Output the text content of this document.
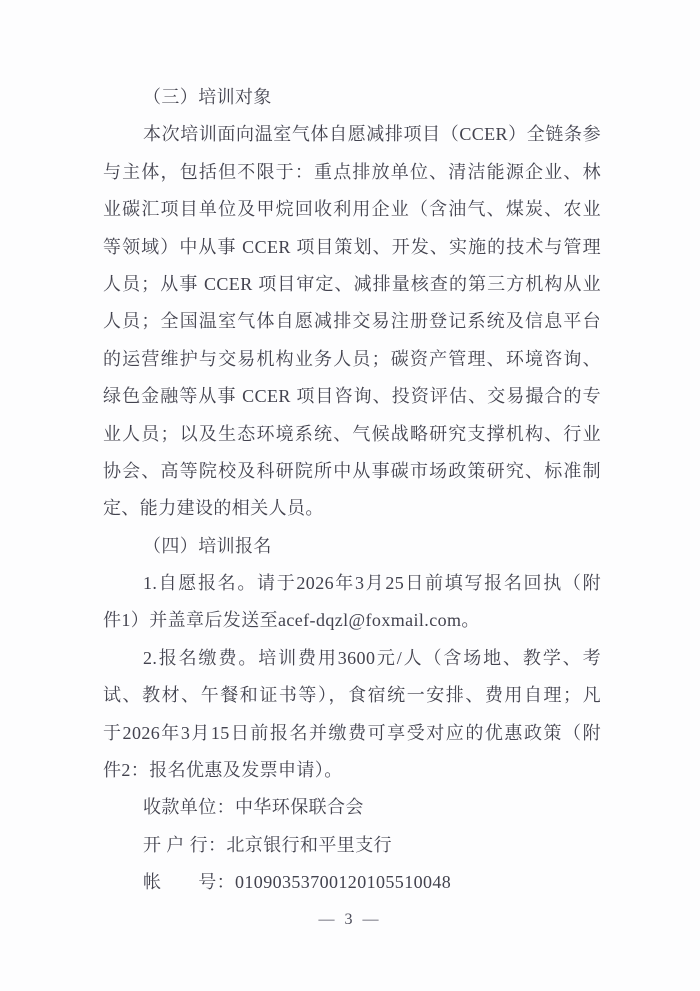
（三）培训对象
本次培训面向温室气体自愿减排项目（CCER）全链条参
与主体，包括但不限于：重点排放单位、清洁能源企业、林
业碳汇项目单位及甲烷回收利用企业（含油气、煤炭、农业
等领域）中从事 CCER 项目策划、开发、实施的技术与管理
人员；从事 CCER 项目审定、减排量核查的第三方机构从业
人员；全国温室气体自愿减排交易注册登记系统及信息平台
的运营维护与交易机构业务人员；碳资产管理、环境咨询、
绿色金融等从事 CCER 项目咨询、投资评估、交易撮合的专
业人员；以及生态环境系统、气候战略研究支撑机构、行业
协会、高等院校及科研院所中从事碳市场政策研究、标准制
定、能力建设的相关人员。
（四）培训报名
1.自愿报名。请于2026年3月25日前填写报名回执（附
件1）并盖章后发送至acef-dqzl@foxmail.com。
2.报名缴费。培训费用3600元/人（含场地、教学、考
试、教材、午餐和证书等），食宿统一安排、费用自理；凡
于2026年3月15日前报名并缴费可享受对应的优惠政策（附
件2：报名优惠及发票申请）。
收款单位：中华环保联合会
开 户 行：北京银行和平里支行
帐　　号：01090353700120105510048
— 3 —
